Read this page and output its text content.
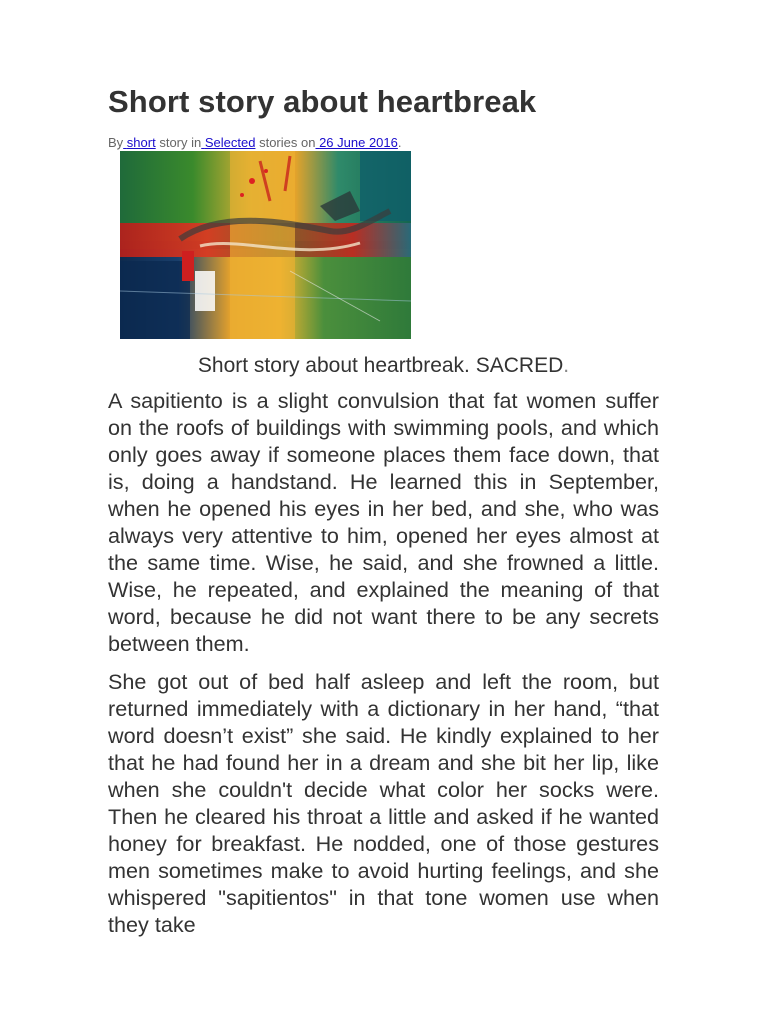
Short story about heartbreak
By short story in Selected stories on 26 June 2016.
Short story about heartbreak. SACRED.

A sapitiento is a slight convulsion that fat women suffer on the roofs of buildings with swimming pools, and which only goes away if someone places them face down, that is, doing a handstand. He learned this in September, when he opened his eyes in her bed, and she, who was always very attentive to him, opened her eyes almost at the same time. Wise, he said, and she frowned a little. Wise, he repeated, and explained the meaning of that word, because he did not want there to be any secrets between them.

She got out of bed half asleep and left the room, but returned immediately with a dictionary in her hand, “that word doesn’t exist” she said. He kindly explained to her that he had found her in a dream and she bit her lip, like when she couldn't decide what color her socks were. Then he cleared his throat a little and asked if he wanted honey for breakfast. He nodded, one of those gestures men sometimes make to avoid hurting feelings, and she whispered "sapitientos" in that tone women use when they take
